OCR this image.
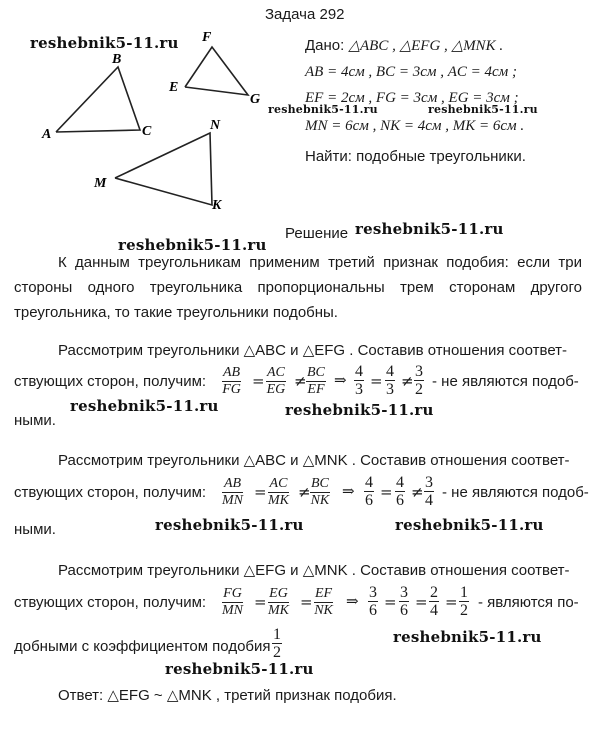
Задача 292
reshebnik5-11.ru
reshebnik5-11.ru	reshebnik5-11.ru
reshebnik5-11.ru
reshebnik5-11.ru
reshebnik5-11.ru	reshebnik5-11.ru
reshebnik5-11.ru	reshebnik5-11.ru
reshebnik5-11.ru
reshebnik5-11.ru
A
B
C
F
E
G
N
M
K
Дано: △ABC , △EFG , △MNK .
AB = 4см , BC = 3см , AC = 4см ;
EF = 2см , FG = 3см , EG = 3см ;
MN = 6см , NK = 4см , MK = 6см .
Найти: подобные треугольники.
Решение
К данным треугольникам применим третий признак подобия: если три стороны одного треугольника пропорциональны трем сторонам другого треугольника, то такие треугольники подобны.
Рассмотрим треугольники △ABC и △EFG . Составив отношения соответ-
ствующих сторон, получим: $\frac{AB}{FG} = \frac{AC}{EG} \ne \frac{BC}{EF}$ ⇒ 4
3 =
4
3 ≠
3
2 - не являются подоб-
ными.
Рассмотрим треугольники △ABC и △MNK . Составив отношения соответ-
ствующих сторон, получим: $\frac{AB}{MN} = \frac{AC}{MK} \ne \frac{BC}{NK}$ ⇒ 4
6 =
4
6 ≠
3
4 - не являются подоб-
ными.
Рассмотрим треугольники △EFG и △MNK . Составив отношения соответ-
ствующих сторон, получим: $\frac{FG}{MN} = \frac{EG}{MK} = \frac{EF}{NK}$ ⇒ 3
6 =
3
6 =
2
4 =
1
2 - являются по-
добными с коэффициентом подобия
1
2
Ответ: △EFG ~ △MNK , третий признак подобия.
